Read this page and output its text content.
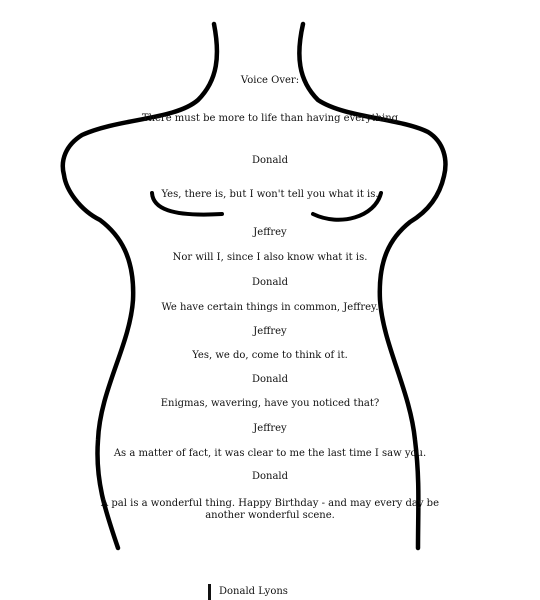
Voice Over:
There must be more to life than having everything
Donald
Yes, there is, but I won't tell you what it is.
Jeffrey
Nor will I, since I also know what it is.
Donald
We have certain things in common, Jeffrey.
Jeffrey
Yes, we do, come to think of it.
Donald
Enigmas, wavering, have you noticed that?
Jeffrey
As a matter of fact, it was clear to me the last time I saw you.
Donald
A pal is a wonderful thing. Happy Birthday - and may every day be another wonderful scene.
Donald Lyons
